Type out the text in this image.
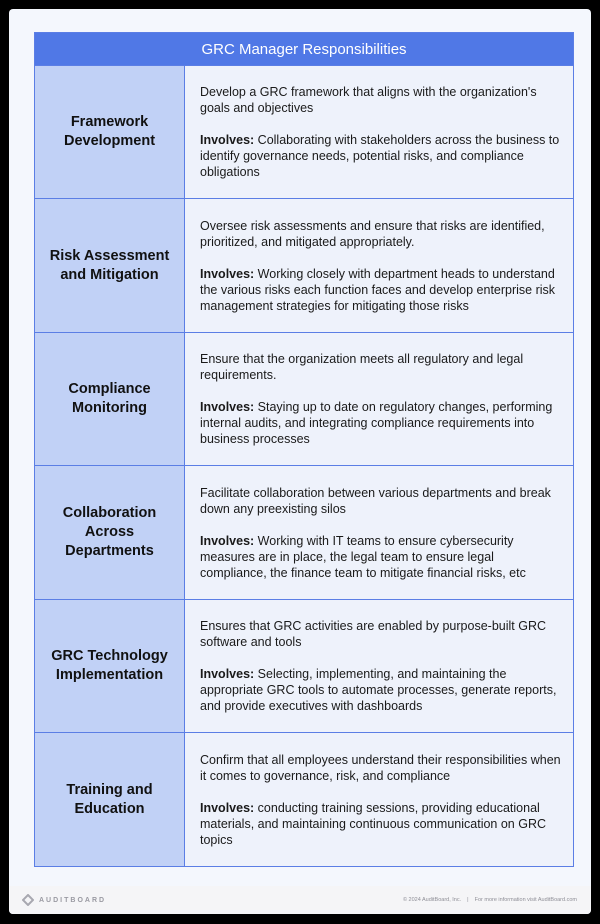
GRC Manager Responsibilities
Framework Development

Develop a GRC framework that aligns with the organization's goals and objectives

Involves: Collaborating with stakeholders across the business to identify governance needs, potential risks, and compliance obligations

Risk Assessment and Mitigation

Oversee risk assessments and ensure that risks are identified, prioritized, and mitigated appropriately.

Involves: Working closely with department heads to understand the various risks each function faces and develop enterprise risk management strategies for mitigating those risks

Compliance Monitoring

Ensure that the organization meets all regulatory and legal requirements.

Involves: Staying up to date on regulatory changes, performing internal audits, and integrating compliance requirements into business processes

Collaboration Across Departments

Facilitate collaboration between various departments and break down any preexisting silos

Involves: Working with IT teams to ensure cybersecurity measures are in place, the legal team to ensure legal compliance, the finance team to mitigate financial risks, etc

GRC Technology Implementation

Ensures that GRC activities are enabled by purpose-built GRC software and tools

Involves: Selecting, implementing, and maintaining the appropriate GRC tools to automate processes, generate reports, and provide executives with dashboards

Training and Education

Confirm that all employees understand their responsibilities when it comes to governance, risk, and compliance

Involves: conducting training sessions, providing educational materials, and maintaining continuous communication on GRC topics

AUDITBOARD	© 2024 AuditBoard, Inc. | For more information visit AuditBoard.com
